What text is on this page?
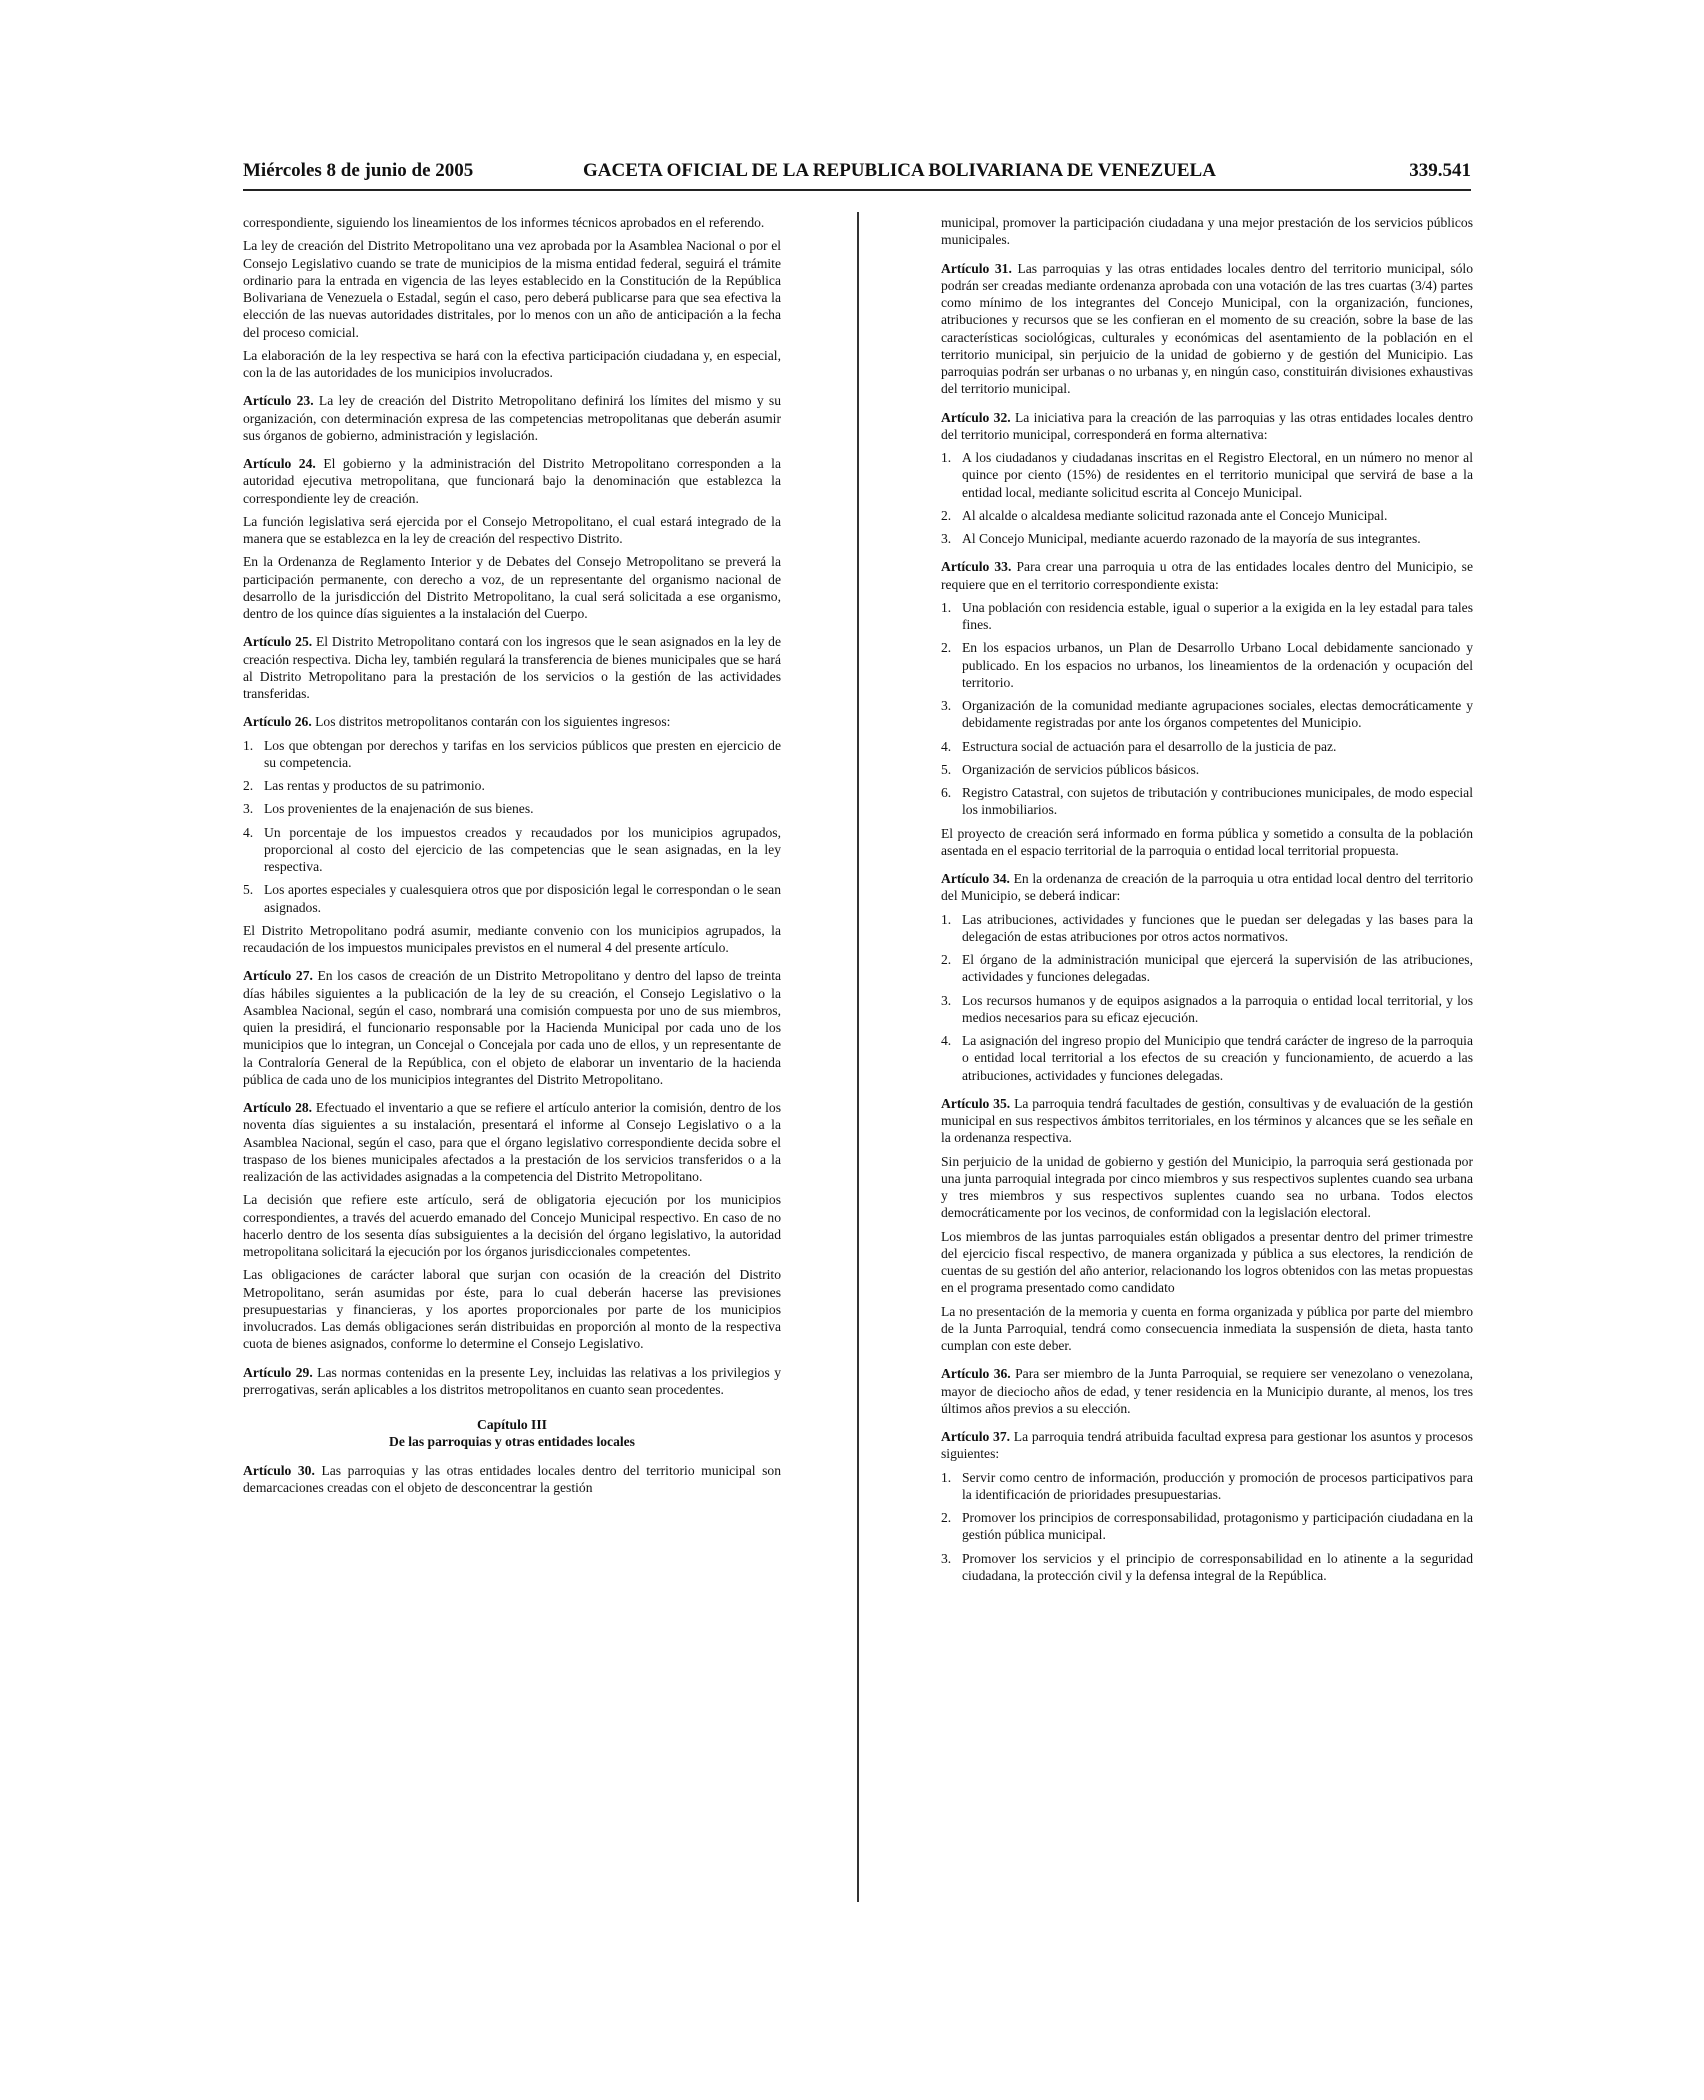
Miércoles 8 de junio de 2005	GACETA OFICIAL DE LA REPUBLICA BOLIVARIANA DE VENEZUELA	339.541

correspondiente, siguiendo los lineamientos de los informes técnicos aprobados en el referendo.

La ley de creación del Distrito Metropolitano una vez aprobada por la Asamblea Nacional o por el Consejo Legislativo cuando se trate de municipios de la misma entidad federal, seguirá el trámite ordinario para la entrada en vigencia de las leyes establecido en la Constitución de la República Bolivariana de Venezuela o Estadal, según el caso, pero deberá publicarse para que sea efectiva la elección de las nuevas autoridades distritales, por lo menos con un año de anticipación a la fecha del proceso comicial.

La elaboración de la ley respectiva se hará con la efectiva participación ciudadana y, en especial, con la de las autoridades de los municipios involucrados.

Artículo 23. La ley de creación del Distrito Metropolitano definirá los límites del mismo y su organización, con determinación expresa de las competencias metropolitanas que deberán asumir sus órganos de gobierno, administración y legislación.

Artículo 24. El gobierno y la administración del Distrito Metropolitano corresponden a la autoridad ejecutiva metropolitana, que funcionará bajo la denominación que establezca la correspondiente ley de creación.

La función legislativa será ejercida por el Consejo Metropolitano, el cual estará integrado de la manera que se establezca en la ley de creación del respectivo Distrito.

En la Ordenanza de Reglamento Interior y de Debates del Consejo Metropolitano se preverá la participación permanente, con derecho a voz, de un representante del organismo nacional de desarrollo de la jurisdicción del Distrito Metropolitano, la cual será solicitada a ese organismo, dentro de los quince días siguientes a la instalación del Cuerpo.

Artículo 25. El Distrito Metropolitano contará con los ingresos que le sean asignados en la ley de creación respectiva. Dicha ley, también regulará la transferencia de bienes municipales que se hará al Distrito Metropolitano para la prestación de los servicios o la gestión de las actividades transferidas.

Artículo 26. Los distritos metropolitanos contarán con los siguientes ingresos:

1. Los que obtengan por derechos y tarifas en los servicios públicos que presten en ejercicio de su competencia.
2. Las rentas y productos de su patrimonio.
3. Los provenientes de la enajenación de sus bienes.
4. Un porcentaje de los impuestos creados y recaudados por los municipios agrupados, proporcional al costo del ejercicio de las competencias que le sean asignadas, en la ley respectiva.
5. Los aportes especiales y cualesquiera otros que por disposición legal le correspondan o le sean asignados.

El Distrito Metropolitano podrá asumir, mediante convenio con los municipios agrupados, la recaudación de los impuestos municipales previstos en el numeral 4 del presente artículo.

Artículo 27. En los casos de creación de un Distrito Metropolitano y dentro del lapso de treinta días hábiles siguientes a la publicación de la ley de su creación, el Consejo Legislativo o la Asamblea Nacional, según el caso, nombrará una comisión compuesta por uno de sus miembros, quien la presidirá, el funcionario responsable por la Hacienda Municipal por cada uno de los municipios que lo integran, un Concejal o Concejala por cada uno de ellos, y un representante de la Contraloría General de la República, con el objeto de elaborar un inventario de la hacienda pública de cada uno de los municipios integrantes del Distrito Metropolitano.

Artículo 28. Efectuado el inventario a que se refiere el artículo anterior la comisión, dentro de los noventa días siguientes a su instalación, presentará el informe al Consejo Legislativo o a la Asamblea Nacional, según el caso, para que el órgano legislativo correspondiente decida sobre el traspaso de los bienes municipales afectados a la prestación de los servicios transferidos o a la realización de las actividades asignadas a la competencia del Distrito Metropolitano.

La decisión que refiere este artículo, será de obligatoria ejecución por los municipios correspondientes, a través del acuerdo emanado del Concejo Municipal respectivo. En caso de no hacerlo dentro de los sesenta días subsiguientes a la decisión del órgano legislativo, la autoridad metropolitana solicitará la ejecución por los órganos jurisdiccionales competentes.

Las obligaciones de carácter laboral que surjan con ocasión de la creación del Distrito Metropolitano, serán asumidas por éste, para lo cual deberán hacerse las previsiones presupuestarias y financieras, y los aportes proporcionales por parte de los municipios involucrados. Las demás obligaciones serán distribuidas en proporción al monto de la respectiva cuota de bienes asignados, conforme lo determine el Consejo Legislativo.

Artículo 29. Las normas contenidas en la presente Ley, incluidas las relativas a los privilegios y prerrogativas, serán aplicables a los distritos metropolitanos en cuanto sean procedentes.

Capítulo III
De las parroquias y otras entidades locales

Artículo 30. Las parroquias y las otras entidades locales dentro del territorio municipal son demarcaciones creadas con el objeto de desconcentrar la gestión

municipal, promover la participación ciudadana y una mejor prestación de los servicios públicos municipales.

Artículo 31. Las parroquias y las otras entidades locales dentro del territorio municipal, sólo podrán ser creadas mediante ordenanza aprobada con una votación de las tres cuartas (3/4) partes como mínimo de los integrantes del Concejo Municipal, con la organización, funciones, atribuciones y recursos que se les confieran en el momento de su creación, sobre la base de las características sociológicas, culturales y económicas del asentamiento de la población en el territorio municipal, sin perjuicio de la unidad de gobierno y de gestión del Municipio. Las parroquias podrán ser urbanas o no urbanas y, en ningún caso, constituirán divisiones exhaustivas del territorio municipal.

Artículo 32. La iniciativa para la creación de las parroquias y las otras entidades locales dentro del territorio municipal, corresponderá en forma alternativa:

1. A los ciudadanos y ciudadanas inscritas en el Registro Electoral, en un número no menor al quince por ciento (15%) de residentes en el territorio municipal que servirá de base a la entidad local, mediante solicitud escrita al Concejo Municipal.
2. Al alcalde o alcaldesa mediante solicitud razonada ante el Concejo Municipal.
3. Al Concejo Municipal, mediante acuerdo razonado de la mayoría de sus integrantes.

Artículo 33. Para crear una parroquia u otra de las entidades locales dentro del Municipio, se requiere que en el territorio correspondiente exista:

1. Una población con residencia estable, igual o superior a la exigida en la ley estadal para tales fines.
2. En los espacios urbanos, un Plan de Desarrollo Urbano Local debidamente sancionado y publicado. En los espacios no urbanos, los lineamientos de la ordenación y ocupación del territorio.
3. Organización de la comunidad mediante agrupaciones sociales, electas democráticamente y debidamente registradas por ante los órganos competentes del Municipio.
4. Estructura social de actuación para el desarrollo de la justicia de paz.
5. Organización de servicios públicos básicos.
6. Registro Catastral, con sujetos de tributación y contribuciones municipales, de modo especial los inmobiliarios.

El proyecto de creación será informado en forma pública y sometido a consulta de la población asentada en el espacio territorial de la parroquia o entidad local territorial propuesta.

Artículo 34. En la ordenanza de creación de la parroquia u otra entidad local dentro del territorio del Municipio, se deberá indicar:

1. Las atribuciones, actividades y funciones que le puedan ser delegadas y las bases para la delegación de estas atribuciones por otros actos normativos.
2. El órgano de la administración municipal que ejercerá la supervisión de las atribuciones, actividades y funciones delegadas.
3. Los recursos humanos y de equipos asignados a la parroquia o entidad local territorial, y los medios necesarios para su eficaz ejecución.
4. La asignación del ingreso propio del Municipio que tendrá carácter de ingreso de la parroquia o entidad local territorial a los efectos de su creación y funcionamiento, de acuerdo a las atribuciones, actividades y funciones delegadas.

Artículo 35. La parroquia tendrá facultades de gestión, consultivas y de evaluación de la gestión municipal en sus respectivos ámbitos territoriales, en los términos y alcances que se les señale en la ordenanza respectiva.

Sin perjuicio de la unidad de gobierno y gestión del Municipio, la parroquia será gestionada por una junta parroquial integrada por cinco miembros y sus respectivos suplentes cuando sea urbana y tres miembros y sus respectivos suplentes cuando sea no urbana. Todos electos democráticamente por los vecinos, de conformidad con la legislación electoral.

Los miembros de las juntas parroquiales están obligados a presentar dentro del primer trimestre del ejercicio fiscal respectivo, de manera organizada y pública a sus electores, la rendición de cuentas de su gestión del año anterior, relacionando los logros obtenidos con las metas propuestas en el programa presentado como candidato

La no presentación de la memoria y cuenta en forma organizada y pública por parte del miembro de la Junta Parroquial, tendrá como consecuencia inmediata la suspensión de dieta, hasta tanto cumplan con este deber.

Artículo 36. Para ser miembro de la Junta Parroquial, se requiere ser venezolano o venezolana, mayor de dieciocho años de edad, y tener residencia en la Municipio durante, al menos, los tres últimos años previos a su elección.

Artículo 37. La parroquia tendrá atribuida facultad expresa para gestionar los asuntos y procesos siguientes:

1. Servir como centro de información, producción y promoción de procesos participativos para la identificación de prioridades presupuestarias.
2. Promover los principios de corresponsabilidad, protagonismo y participación ciudadana en la gestión pública municipal.
3. Promover los servicios y el principio de corresponsabilidad en lo atinente a la seguridad ciudadana, la protección civil y la defensa integral de la República.
